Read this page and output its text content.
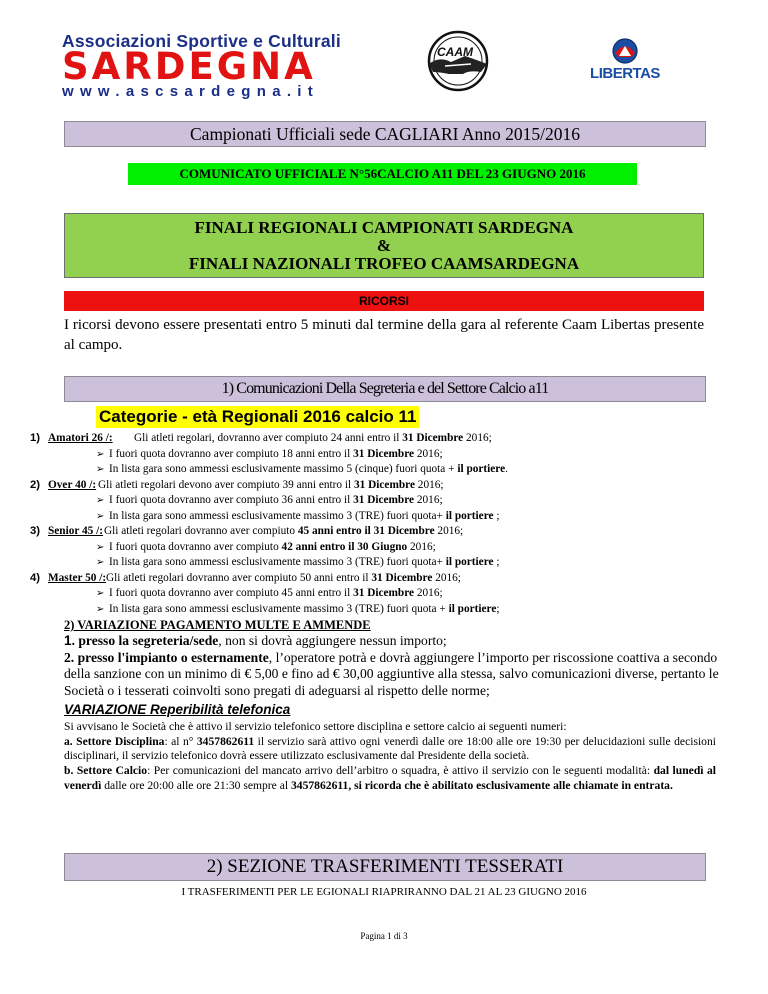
Associazioni Sportive e Culturali
SARDEGNA
www.ascsardegna.it
CAAM
LIBERTAS
Campionati Ufficiali sede CAGLIARI Anno 2015/2016
COMUNICATO UFFICIALE N°56CALCIO A11 DEL 23 GIUGNO 2016
FINALI REGIONALI CAMPIONATI SARDEGNA
&
FINALI NAZIONALI TROFEO CAAMSARDEGNA
RICORSI
I ricorsi devono essere presentati entro 5 minuti dal termine della gara al referente Caam Libertas presente al campo.
1) Comunicazioni Della Segreteria e del Settore Calcio a11
Categorie - età Regionali 2016 calcio 11
1) Amatori 26 /: Gli atleti regolari, dovranno aver compiuto 24 anni entro il 31 Dicembre 2016;
➢ I fuori quota dovranno aver compiuto 18 anni entro il 31 Dicembre 2016;
➢ In lista gara sono ammessi esclusivamente massimo 5 (cinque) fuori quota + il portiere.
2) Over 40 /: Gli atleti regolari devono aver compiuto 39 anni entro il 31 Dicembre 2016;
➢ I fuori quota dovranno aver compiuto 36 anni entro il 31 Dicembre 2016;
➢ In lista gara sono ammessi esclusivamente massimo 3 (TRE) fuori quota+ il portiere ;
3) Senior 45 /: Gli atleti regolari dovranno aver compiuto 45 anni entro il 31 Dicembre 2016;
➢ I fuori quota dovranno aver compiuto 42 anni entro il 30 Giugno 2016;
➢ In lista gara sono ammessi esclusivamente massimo 3 (TRE) fuori quota+ il portiere ;
4) Master 50 /: Gli atleti regolari dovranno aver compiuto 50 anni entro il 31 Dicembre 2016;
➢ I fuori quota dovranno aver compiuto 45 anni entro il 31 Dicembre 2016;
➢ In lista gara sono ammessi esclusivamente massimo 3 (TRE) fuori quota + il portiere;
2) VARIAZIONE PAGAMENTO MULTE E AMMENDE
1. presso la segreteria/sede, non si dovrà aggiungere nessun importo;
2. presso l'impianto o esternamente, l’operatore potrà e dovrà aggiungere l’importo per riscossione coattiva a secondo della sanzione con un minimo di € 5,00 e fino ad € 30,00 aggiuntive alla stessa, salvo comunicazioni diverse, pertanto le Società o i tesserati coinvolti sono pregati di adeguarsi al rispetto delle norme;
VARIAZIONE Reperibilità telefonica
Si avvisano le Società che è attivo il servizio telefonico settore disciplina e settore calcio ai seguenti numeri:
a. Settore Disciplina: al n° 3457862611 il servizio sarà attivo ogni venerdì dalle ore 18:00 alle ore 19:30 per delucidazioni sulle decisioni disciplinari, il servizio telefonico dovrà essere utilizzato esclusivamente dal Presidente della società.
b. Settore Calcio: Per comunicazioni del mancato arrivo dell’arbitro o squadra, è attivo il servizio con le seguenti modalità: dal lunedì al venerdì dalle ore 20:00 alle ore 21:30 sempre al 3457862611, si ricorda che è abilitato esclusivamente alle chiamate in entrata.
2) SEZIONE TRASFERIMENTI TESSERATI
I TRASFERIMENTI PER LE EGIONALI RIAPRIRANNO DAL 21 AL 23 GIUGNO 2016
Pagina 1 di 3
